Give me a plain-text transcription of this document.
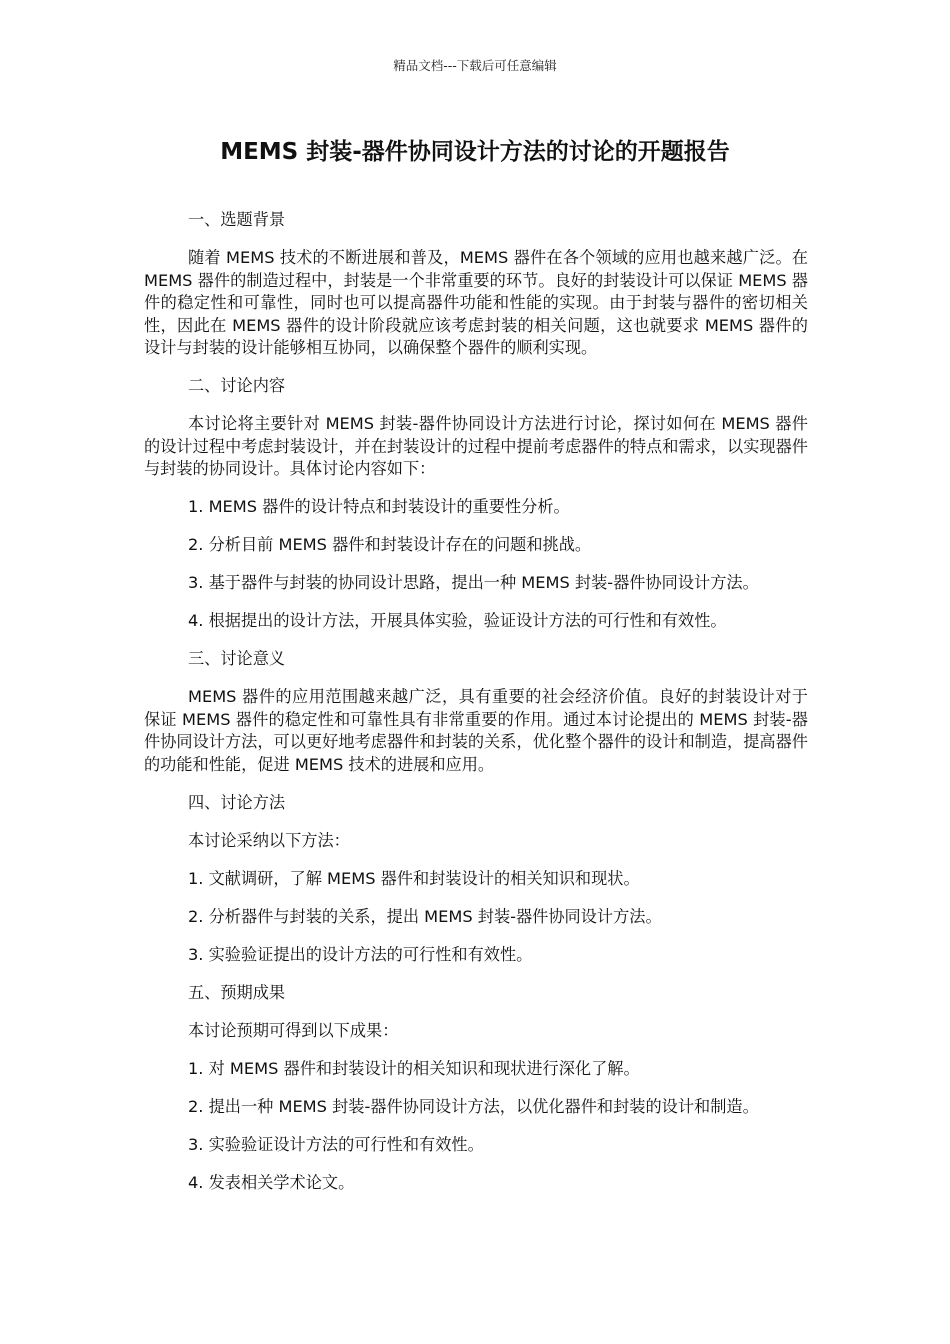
精品文档---下载后可任意编辑
MEMS 封装-器件协同设计方法的讨论的开题报告

一、选题背景

随着 MEMS 技术的不断进展和普及，MEMS 器件在各个领域的应用也越来越广泛。在 MEMS 器件的制造过程中，封装是一个非常重要的环节。良好的封装设计可以保证 MEMS 器件的稳定性和可靠性，同时也可以提高器件功能和性能的实现。由于封装与器件的密切相关性，因此在 MEMS 器件的设计阶段就应该考虑封装的相关问题，这也就要求 MEMS 器件的设计与封装的设计能够相互协同，以确保整个器件的顺利实现。

二、讨论内容

本讨论将主要针对 MEMS 封装-器件协同设计方法进行讨论，探讨如何在 MEMS 器件的设计过程中考虑封装设计，并在封装设计的过程中提前考虑器件的特点和需求，以实现器件与封装的协同设计。具体讨论内容如下：

1. MEMS 器件的设计特点和封装设计的重要性分析。
2. 分析目前 MEMS 器件和封装设计存在的问题和挑战。
3. 基于器件与封装的协同设计思路，提出一种 MEMS 封装-器件协同设计方法。
4. 根据提出的设计方法，开展具体实验，验证设计方法的可行性和有效性。

三、讨论意义

MEMS 器件的应用范围越来越广泛，具有重要的社会经济价值。良好的封装设计对于保证 MEMS 器件的稳定性和可靠性具有非常重要的作用。通过本讨论提出的 MEMS 封装-器件协同设计方法，可以更好地考虑器件和封装的关系，优化整个器件的设计和制造，提高器件的功能和性能，促进 MEMS 技术的进展和应用。

四、讨论方法

本讨论采纳以下方法：

1. 文献调研，了解 MEMS 器件和封装设计的相关知识和现状。
2. 分析器件与封装的关系，提出 MEMS 封装-器件协同设计方法。
3. 实验验证提出的设计方法的可行性和有效性。

五、预期成果

本讨论预期可得到以下成果：

1. 对 MEMS 器件和封装设计的相关知识和现状进行深化了解。
2. 提出一种 MEMS 封装-器件协同设计方法，以优化器件和封装的设计和制造。
3. 实验验证设计方法的可行性和有效性。
4. 发表相关学术论文。
